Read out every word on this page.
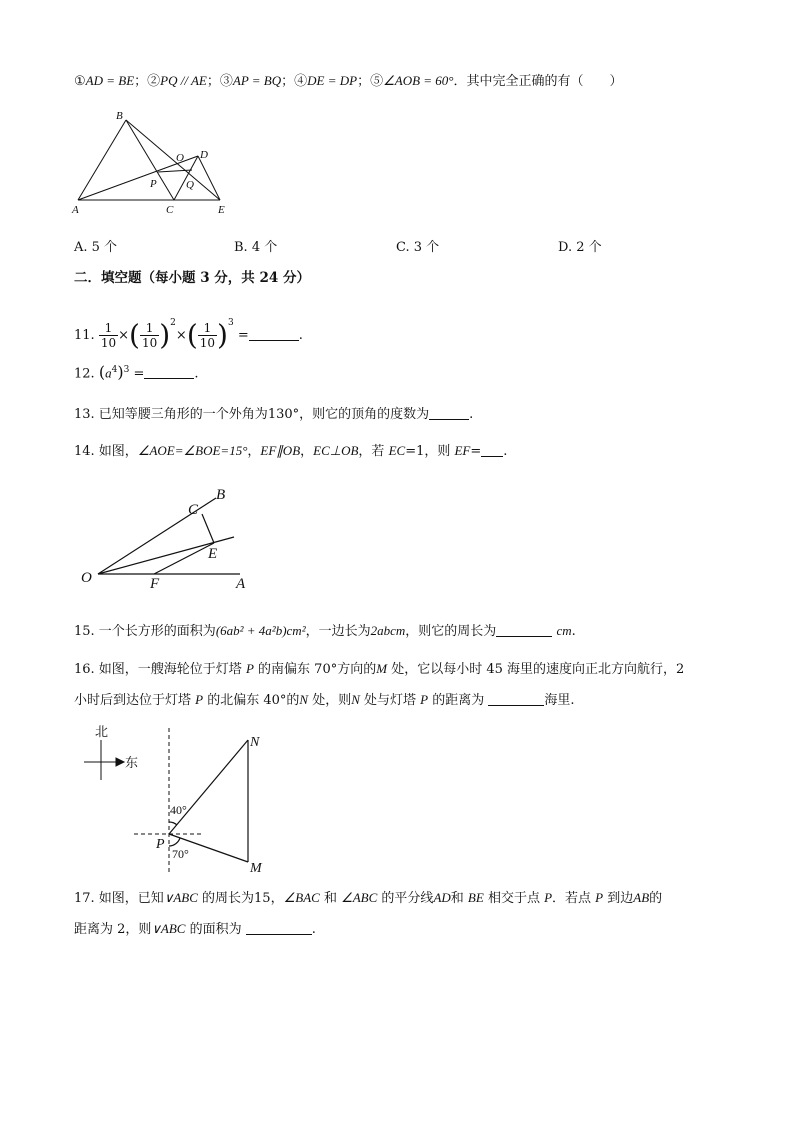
①AD = BE；②PQ // AE；③AP = BQ；④DE = DP；⑤∠AOB = 60°．其中完全正确的有（　　）
B
O D
P	Q
A	C	E
A. 5 个	B. 4 个	C. 3 个	D. 2 个
二．填空题（每小题 3 分，共 24 分）
11. $\frac{1}{10}$ ×( $\frac{1}{10} )^2\times( \frac{1}{10} )^3$ =	.
12. $(a^4)^3$ =	.
13. 已知等腰三角形的一个外角为130°，则它的顶角的度数为	.
14. 如图，∠AOE=∠BOE=15°，EF∥OB，EC⊥OB，若 EC=1，则 EF= .
B
C
E
O	F	A
15. 一个长方形的面积为(6ab² + 4a²b)cm²，一边长为2abcm，则它的周长为	cm.
16. 如图，一艘海轮位于灯塔 P 的南偏东 70°方向的M 处，它以每小时 45 海里的速度向正北方向航行，2
小时后到达位于灯塔 P 的北偏东 40°的N 处，则N 处与灯塔 P 的距离为	海里.
北
东
40°
70°
N
P
M
17. 如图，已知∨ABC 的周长为15，∠BAC 和 ∠ABC 的平分线AD和 BE 相交于点 P．若点 P 到边AB的
距离为 2，则∨ABC 的面积为	.
